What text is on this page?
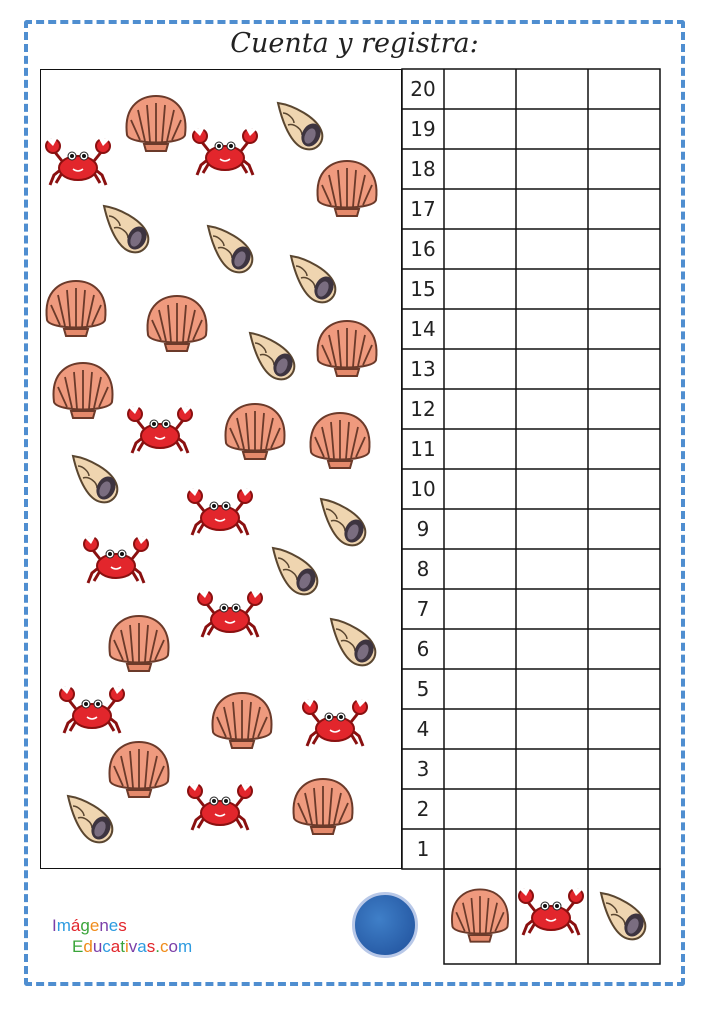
Cuenta y registra:
20
19
18
17
16
15
14
13
12
11
10
9
8
7
6
5
4
3
2
1
Imágenes
Educativas.com
